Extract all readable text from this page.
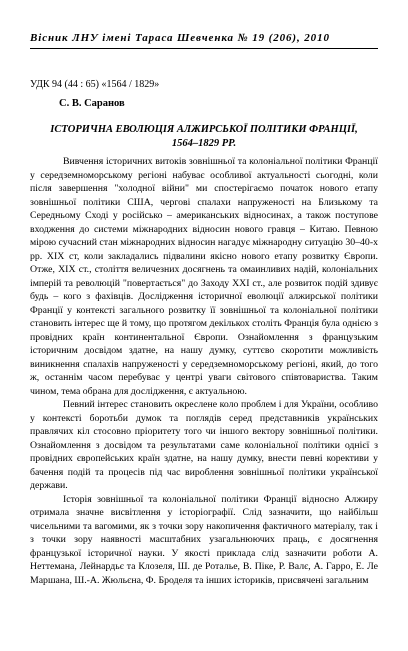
Вісник ЛНУ імені Тараса Шевченка № 19 (206), 2010
УДК 94 (44 : 65) «1564 / 1829»
С. В. Саранов
ІСТОРИЧНА ЕВОЛЮЦІЯ АЛЖИРСЬКОЇ ПОЛІТИКИ ФРАНЦІЇ,
1564–1829 РР.

Вивчення історичних витоків зовнішньої та колоніальної політики Франції у середземноморському регіоні набуває особливої актуальності сьогодні, коли після завершення "холодної війни" ми спостерігаємо початок нового етапу зовнішньої політики США, чергові спалахи напруженості на Близькому та Середньому Сході у російсько – американських відносинах, а також поступове входження до системи міжнародних відносин нового гравця – Китаю. Певною мірою сучасний стан міжнародних відносин нагадує міжнародну ситуацію 30–40-х рр. XIX ст, коли закладались підвалини якісно нового етапу розвитку Європи. Отже, XIX ст., століття величезних досягнень та омаинливих надій, колоніальних імперій та революцій "повертається" до Заходу XXI ст., але розвиток подій здивує будь – кого з фахівців. Дослідження історичної еволюції алжирської політики Франції у контексті загального розвитку її зовнішньої та колоніальної політики становить інтерес ще й тому, що протягом декількох століть Франція була однією з провідних країн континентальної Європи. Ознайомлення з французьким історичним досвідом здатне, на нашу думку, суттєво скоротити можливість виникнення спалахів напруженості у середземноморському регіоні, який, до того ж, останнім часом перебуває у центрі уваги світового співтовариства. Таким чином, тема обрана для дослідження, є актуальною.

Певний інтерес становить окреслене коло проблем і для України, особливо у контексті боротьби думок та поглядів серед представників українських правлячих кіл стосовно пріоритету того чи іншого вектору зовнішньої політики. Ознайомлення з досвідом та результатами саме колоніальної політики однієї з провідних європейських країн здатне, на нашу думку, внести певні корективи у бачення подій та процесів під час вироблення зовнішньої політики української держави.

Історія зовнішньої та колоніальної політики Франції відносно Алжиру отримала значне висвітлення у історіографії. Слід зазначити, що найбільш чисельними та вагомими, як з точки зору накопичення фактичного матеріалу, так і з точки зору наявності масштабних узагальнюючих праць, є досягнення французької історичної науки. У якості приклада слід зазначити роботи А. Неттемана, Лейнардьє та Клозеля, Ш. де Роталье, В. Піке, Р. Валє, А. Гарро, Е. Ле Маршана, Ш.-А. Жюльєна, Ф. Броделя та інших істориків, присвячені загальним
